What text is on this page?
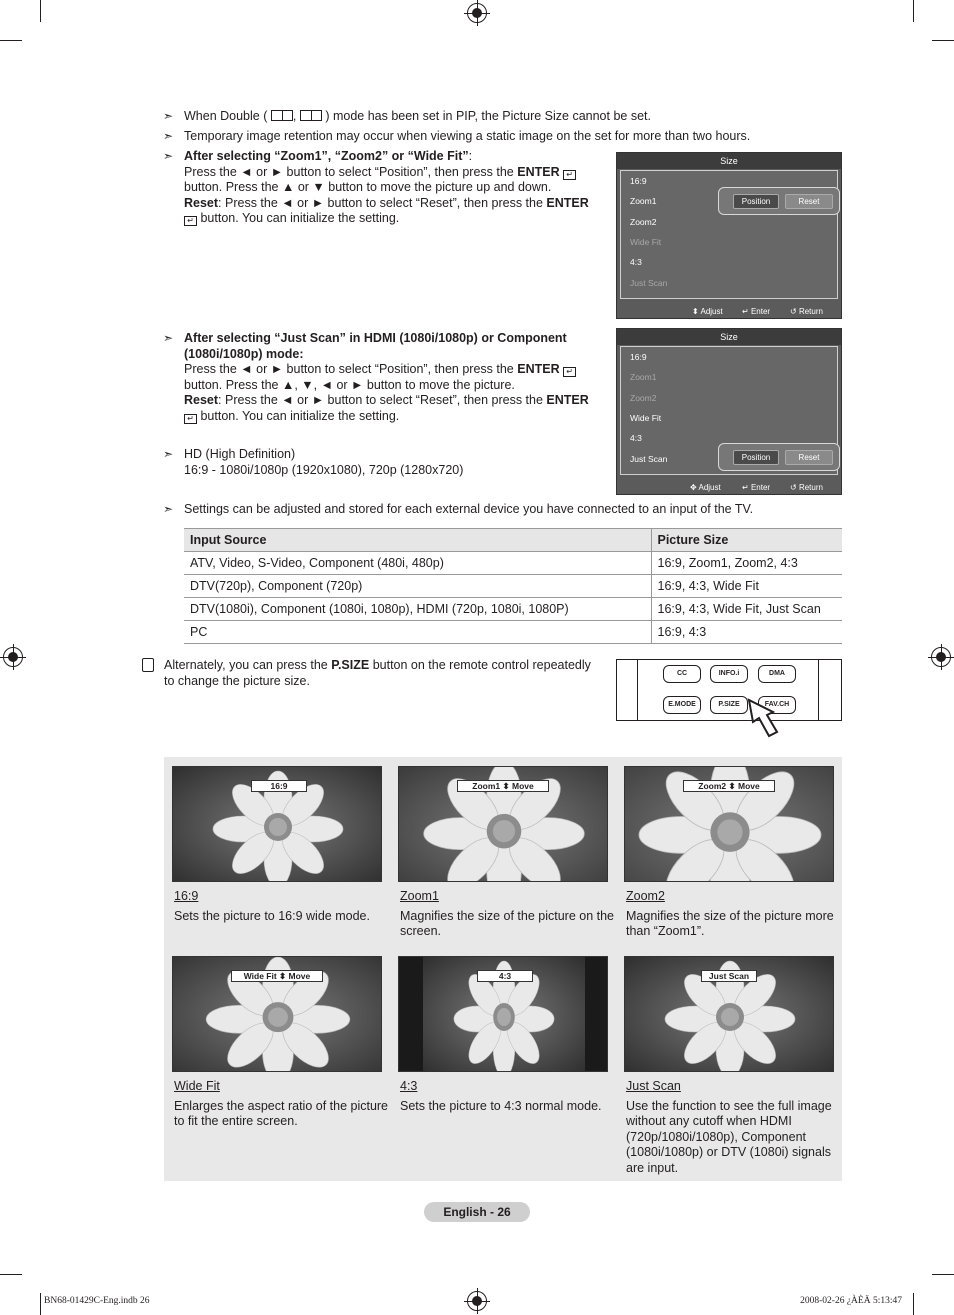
➣ When Double ( , ) mode has been set in PIP, the Picture Size cannot be set.
➣ Temporary image retention may occur when viewing a static image on the set for more than two hours.
➣ After selecting “Zoom1”, “Zoom2” or “Wide Fit”:
Press the ◄ or ► button to select “Position”, then press the ENTER ↵
button. Press the ▲ or ▼ button to move the picture up and down.
Reset: Press the ◄ or ► button to select “Reset”, then press the ENTER
↵ button. You can initialize the setting.
Size
16:9
Zoom1
Zoom2
Wide Fit
4:3
Just Scan
Position	Reset
⬍ Adjust ↵ Enter ↺ Return
➣ After selecting “Just Scan” in HDMI (1080i/1080p) or Component
(1080i/1080p) mode:
Press the ◄ or ► button to select “Position”, then press the ENTER ↵
button. Press the ▲, ▼, ◄ or ► button to move the picture.
Reset: Press the ◄ or ► button to select “Reset”, then press the ENTER
↵ button. You can initialize the setting.
➣ HD (High Definition)
16:9 - 1080i/1080p (1920x1080), 720p (1280x720)
Size
16:9
Zoom1
Zoom2
Wide Fit
4:3
Just Scan	Position	Reset
✥ Adjust	↵ Enter ↺ Return
➣ Settings can be adjusted and stored for each external device you have connected to an input of the TV.
Input Source	Picture Size
ATV, Video, S-Video, Component (480i, 480p)	16:9, Zoom1, Zoom2, 4:3
DTV(720p), Component (720p)	16:9, 4:3, Wide Fit
DTV(1080i), Component (1080i, 1080p), HDMI (720p, 1080i, 1080P)	16:9, 4:3, Wide Fit, Just Scan
PC	16:9, 4:3
Alternately, you can press the P.SIZE button on the remote control repeatedly
to change the picture size.
CC	INFO.i	DMA
E.MODE	P.SIZE	FAV.CH
16:9	Zoom1 ⬍ Move	Zoom2 ⬍ Move
16:9
Sets the picture to 16:9 wide mode.
Zoom1
Magnifies the size of the picture on the screen.
Zoom2
Magnifies the size of the picture more than “Zoom1”.
Wide Fit ⬍ Move	4:3	Just Scan
Wide Fit
Enlarges the aspect ratio of the picture to fit the entire screen.
4:3
Sets the picture to 4:3 normal mode.
Just Scan
Use the function to see the full image without any cutoff when HDMI (720p/1080i/1080p), Component (1080i/1080p) or DTV (1080i) signals are input.
English - 26
BN68-01429C-Eng.indb 26	2008-02-26 ¿ÀÈÄ 5:13:47
